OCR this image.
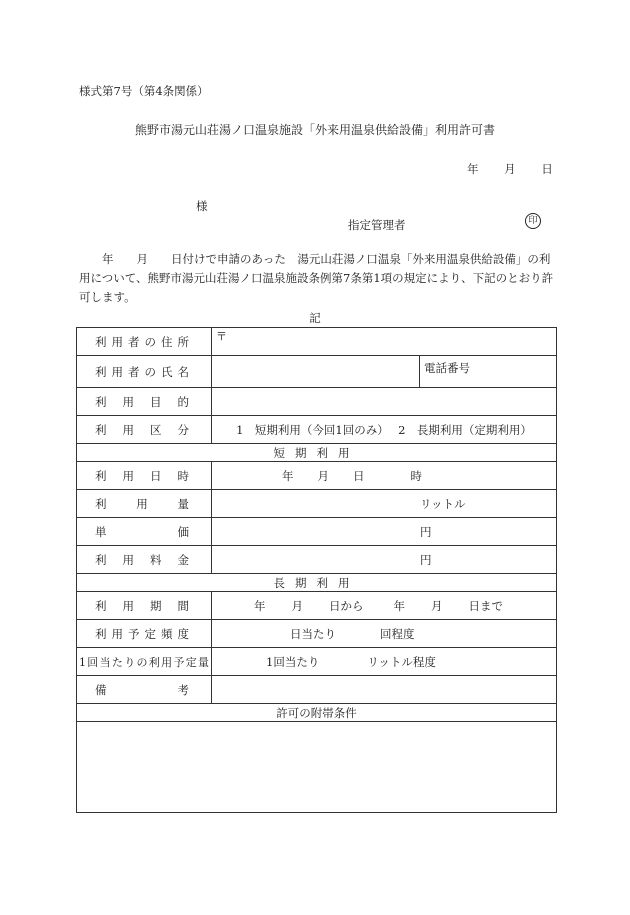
様式第7号（第4条関係）
熊野市湯元山荘湯ノ口温泉施設「外来用温泉供給設備」利用許可書
年 月 日
様
指定管理者	印
　　年　　月　　日付けで申請のあった　湯元山荘湯ノ口温泉「外来用温泉供給設備」の利用について、熊野市湯元山荘湯ノ口温泉施設条例第7条第1項の規定により、下記のとおり許可します。
記
利用者の住所	〒	
利用者の氏名		電話番号
利用目的		
利用区分	1　短期利用（今回1回のみ）　 2　長期利用（定期利用）	
短期利用		
利用日時	年 月 日 時	
利用量	リットル	
単価	円	
利用料金	円	
長期利用		
利用期間	年 月 日から 年 月 日まで	
利用予定頻度	日当たり 回程度	
1回当たりの利用予定量	1回当たり リットル程度	
備考		
許可の附帯条件		
